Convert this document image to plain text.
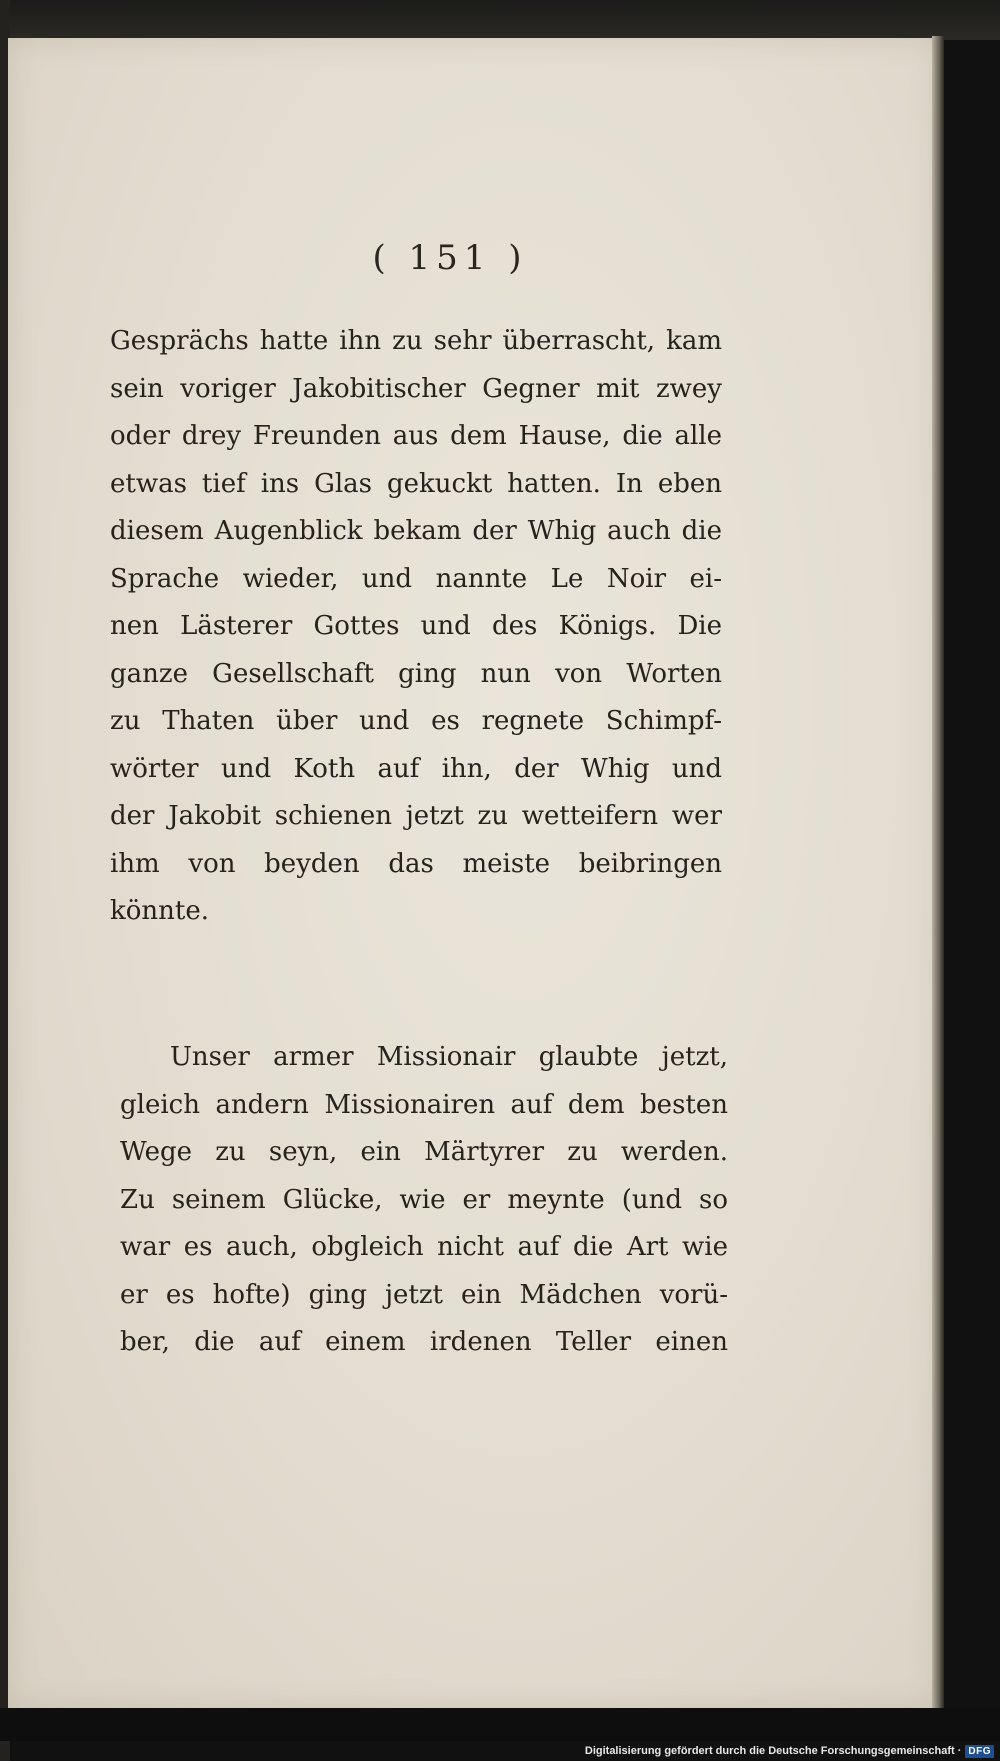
( 151 )

Gesprächs hatte ihn zu sehr überrascht, kam
sein voriger Jakobitischer Gegner mit zwey
oder drey Freunden aus dem Hause, die alle
etwas tief ins Glas gekuckt hatten. In eben
diesem Augenblick bekam der Whig auch die
Sprache wieder, und nannte Le Noir ei-
nen Lästerer Gottes und des Königs. Die
ganze Gesellschaft ging nun von Worten
zu Thaten über und es regnete Schimpf-
wörter und Koth auf ihn, der Whig und
der Jakobit schienen jetzt zu wetteifern wer
ihm von beyden das meiste beibringen
könnte.

Unser armer Missionair glaubte jetzt,
gleich andern Missionairen auf dem besten
Wege zu seyn, ein Märtyrer zu werden.
Zu seinem Glücke, wie er meynte (und so
war es auch, obgleich nicht auf die Art wie
er es hofte) ging jetzt ein Mädchen vorü-
ber, die auf einem irdenen Teller einen

Digitalisierung gefördert durch die Deutsche Forschungsgemeinschaft · DFG
